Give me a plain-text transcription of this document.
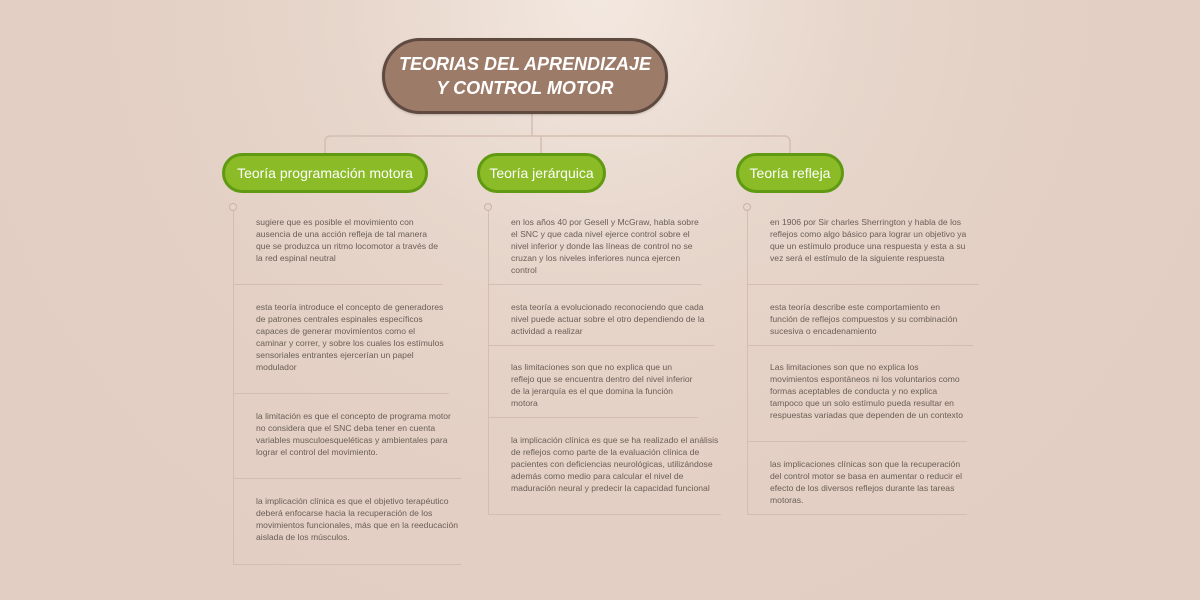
TEORIAS DEL APRENDIZAJE
Y CONTROL MOTOR
Teoría programación motora
sugiere que es posible el movimiento con ausencia de una acción refleja de tal manera que se produzca un ritmo locomotor a través de la red espinal neutral
esta teoría introduce el concepto de generadores de patrones centrales espinales específicos capaces de generar movimientos como el caminar y correr, y sobre los cuales los estímulos sensoriales entrantes ejercerían un papel modulador
la limitación es que el concepto de programa motor no considera que el SNC deba tener en cuenta variables musculoesqueléticas y ambientales para lograr el control del movimiento.
la implicación clínica es que el objetivo terapéutico deberá enfocarse hacia la recuperación de los movimientos funcionales, más que en la reeducación aislada de los músculos.
Teoría jerárquica
en los años 40 por Gesell y McGraw, habla sobre el SNC y que cada nivel ejerce control sobre el nivel inferior y donde las líneas de control no se cruzan y los niveles inferiores nunca ejercen control
esta teoría a evolucionado reconociendo que cada nivel puede actuar sobre el otro dependiendo de la actividad a realizar
las limitaciones son que no explica que un reflejo que se encuentra dentro del nivel inferior de la jerarquía es el que domina la función motora
la implicación clínica es que se ha realizado el análisis de reflejos como parte de la evaluación clínica de pacientes con deficiencias neurológicas, utilizándose además como medio para calcular el nivel de maduración neural y predecir la capacidad funcional
Teoría refleja
en 1906 por Sir charles Sherrington y habla de los reflejos como algo básico para lograr un objetivo ya que un estímulo produce una respuesta y esta a su vez será el estímulo de la siguiente respuesta
esta teoría describe este comportamiento en función de reflejos compuestos y su combinación sucesiva o encadenamiento
Las limitaciones son que no explica los movimientos espontáneos ni los voluntarios como formas aceptables de conducta y no explica tampoco que un solo estímulo pueda resultar en respuestas variadas que dependen de un contexto
las implicaciones clínicas son que la recuperación del control motor se basa en aumentar o reducir el efecto de los diversos reflejos durante las tareas motoras.
